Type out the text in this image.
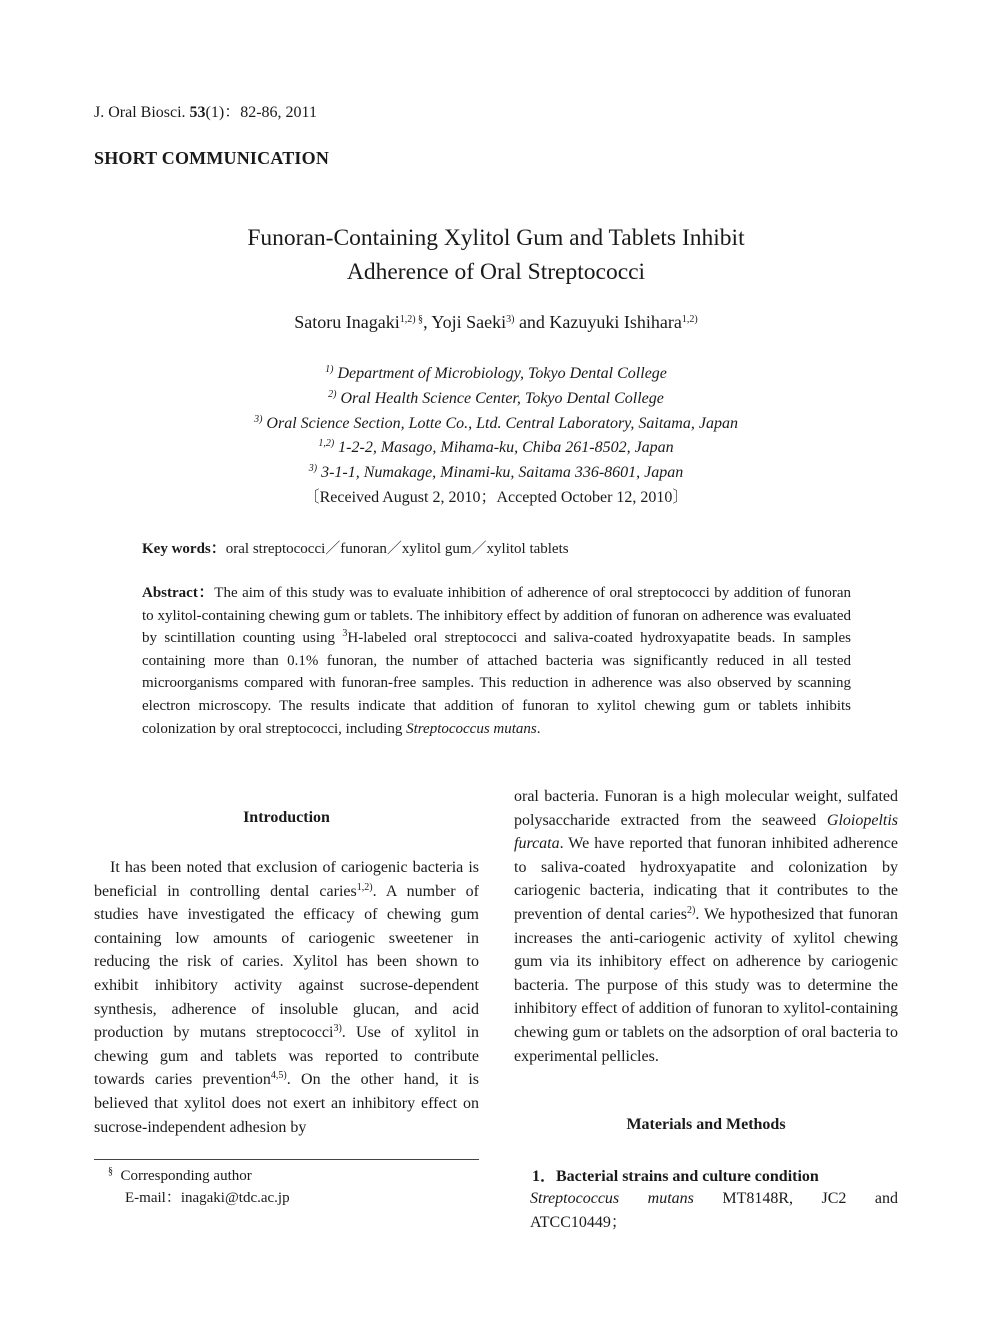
J. Oral Biosci. 53(1)：82-86, 2011
SHORT COMMUNICATION
Funoran-Containing Xylitol Gum and Tablets Inhibit
Adherence of Oral Streptococci
Satoru Inagaki$^{1,2) \S}$, Yoji Saeki$^{3)}$ and Kazuyuki Ishihara$^{1,2)}$
$^{1)}$ Department of Microbiology, Tokyo Dental College
$^{2)}$ Oral Health Science Center, Tokyo Dental College
$^{3)}$ Oral Science Section, Lotte Co., Ltd. Central Laboratory, Saitama, Japan
$^{1,2)}$ 1-2-2, Masago, Mihama-ku, Chiba 261-8502, Japan
$^{3)}$ 3-1-1, Numakage, Minami-ku, Saitama 336-8601, Japan
〔Received August 2, 2010；Accepted October 12, 2010〕
Key words：oral streptococci／funoran／xylitol gum／xylitol tablets
Abstract：The aim of this study was to evaluate inhibition of adherence of oral streptococci by addition of funoran to xylitol-containing chewing gum or tablets. The inhibitory effect by addition of funoran on adherence was evaluated by scintillation counting using $^3$H-labeled oral streptococci and saliva-coated hydroxyapatite beads. In samples containing more than 0.1% funoran, the number of attached bacteria was significantly reduced in all tested microorganisms compared with funoran-free samples. This reduction in adherence was also observed by scanning electron microscopy. The results indicate that addition of funoran to xylitol chewing gum or tablets inhibits colonization by oral streptococci, including Streptococcus mutans.
Introduction
It has been noted that exclusion of cariogenic bacteria is beneficial in controlling dental caries$^{1,2)}$. A number of studies have investigated the efficacy of chewing gum containing low amounts of cariogenic sweetener in reducing the risk of caries. Xylitol has been shown to exhibit inhibitory activity against sucrose-dependent synthesis, adherence of insoluble glucan, and acid production by mutans streptococci$^{3)}$. Use of xylitol in chewing gum and tablets was reported to contribute towards caries prevention$^{4,5)}$. On the other hand, it is believed that xylitol does not exert an inhibitory effect on sucrose-independent adhesion by
§ Corresponding author
E-mail：inagaki@tdc.ac.jp
oral bacteria. Funoran is a high molecular weight, sulfated polysaccharide extracted from the seaweed Gloiopeltis furcata. We have reported that funoran inhibited adherence to saliva-coated hydroxyapatite and colonization by cariogenic bacteria, indicating that it contributes to the prevention of dental caries$^{2)}$. We hypothesized that funoran increases the anti-cariogenic activity of xylitol chewing gum via its inhibitory effect on adherence by cariogenic bacteria. The purpose of this study was to determine the inhibitory effect of addition of funoran to xylitol-containing chewing gum or tablets on the adsorption of oral bacteria to experimental pellicles.
Materials and Methods
1．Bacterial strains and culture condition
Streptococcus mutans MT8148R, JC2 and ATCC10449；
